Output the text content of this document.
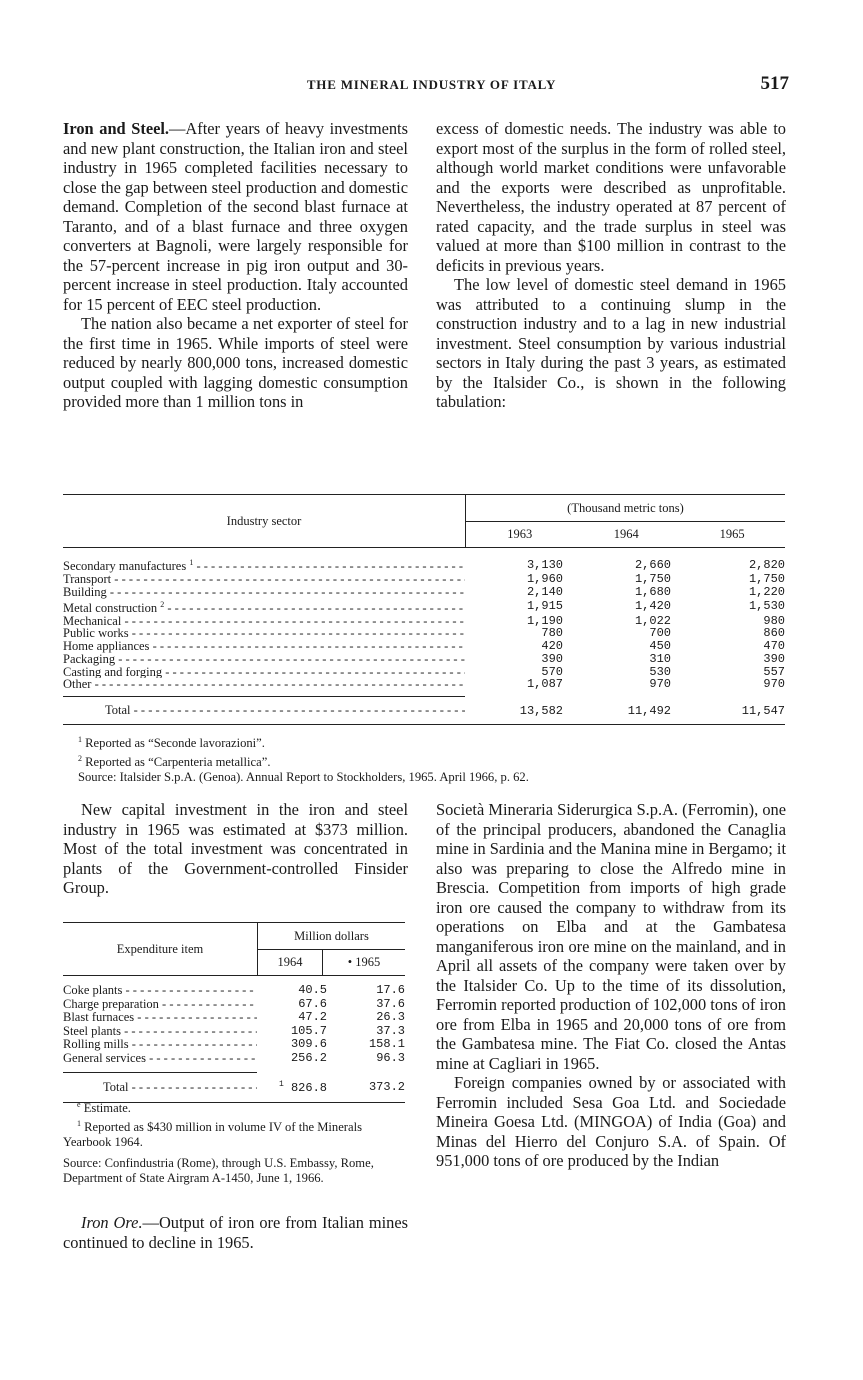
THE MINERAL INDUSTRY OF ITALY	517

Iron and Steel.—After years of heavy investments and new plant construction, the Italian iron and steel industry in 1965 completed facilities necessary to close the gap between steel production and domestic demand. Completion of the second blast furnace at Taranto, and of a blast furnace and three oxygen converters at Bagnoli, were largely responsible for the 57-percent increase in pig iron output and 30-percent increase in steel production. Italy accounted for 15 percent of EEC steel production.

The nation also became a net exporter of steel for the first time in 1965. While imports of steel were reduced by nearly 800,000 tons, increased domestic output coupled with lagging domestic consumption provided more than 1 million tons in

excess of domestic needs. The industry was able to export most of the surplus in the form of rolled steel, although world market conditions were unfavorable and the exports were described as unprofitable. Nevertheless, the industry operated at 87 percent of rated capacity, and the trade surplus in steel was valued at more than $100 million in contrast to the deficits in previous years.

The low level of domestic steel demand in 1965 was attributed to a continuing slump in the construction industry and to a lag in new industrial investment. Steel consumption by various industrial sectors in Italy during the past 3 years, as estimated by the Italsider Co., is shown in the following tabulation:

Industry sector	(Thousand metric tons)		
	1963	1964	1965
Secondary manufactures $^1$ - - -	3,130	2,660	2,820
Transport - - -	1,960	1,750	1,750
Building - - -	2,140	1,680	1,220
Metal construction $^2$ - - -	1,915	1,420	1,530
Mechanical - - -	1,190	1,022	980
Public works - - -	780	700	860
Home appliances - - -	420	450	470
Packaging - - -	390	310	390
Casting and forging - - -	570	530	557
Other - - -	1,087	970	970
Total - - -	13,582	11,492	11,547
$^1$ Reported as “Seconde lavorazioni”.
$^2$ Reported as “Carpenteria metallica”.
Source: Italsider S.p.A. (Genoa). Annual Report to Stockholders, 1965. April 1966, p. 62.

New capital investment in the iron and steel industry in 1965 was estimated at $373 million. Most of the total investment was concentrated in plants of the Government-controlled Finsider Group.

Expenditure item	Million dollars	
	1964	• 1965
Coke plants - - -	40.5	17.6
Charge preparation - - -	67.6	37.6
Blast furnaces - - -	47.2	26.3
Steel plants - - -	105.7	37.3
Rolling mills - - -	309.6	158.1
General services - - -	256.2	96.3
Total - - -	$^1$ 826.8	373.2
$^e$ Estimate.
$^1$ Reported as $430 million in volume IV of the Minerals Yearbook 1964.
Source: Confindustria (Rome), through U.S. Embassy, Rome, Department of State Airgram A-1450, June 1, 1966.

Iron Ore.—Output of iron ore from Italian mines continued to decline in 1965.

Società Mineraria Siderurgica S.p.A. (Ferromin), one of the principal producers, abandoned the Canaglia mine in Sardinia and the Manina mine in Bergamo; it also was preparing to close the Alfredo mine in Brescia. Competition from imports of high grade iron ore caused the company to withdraw from its operations on Elba and at the Gambatesa manganiferous iron ore mine on the mainland, and in April all assets of the company were taken over by the Italsider Co. Up to the time of its dissolution, Ferromin reported production of 102,000 tons of iron ore from Elba in 1965 and 20,000 tons of ore from the Gambatesa mine. The Fiat Co. closed the Antas mine at Cagliari in 1965.

Foreign companies owned by or associated with Ferromin included Sesa Goa Ltd. and Sociedade Mineira Goesa Ltd. (MINGOA) of India (Goa) and Minas del Hierro del Conjuro S.A. of Spain. Of 951,000 tons of ore produced by the Indian
